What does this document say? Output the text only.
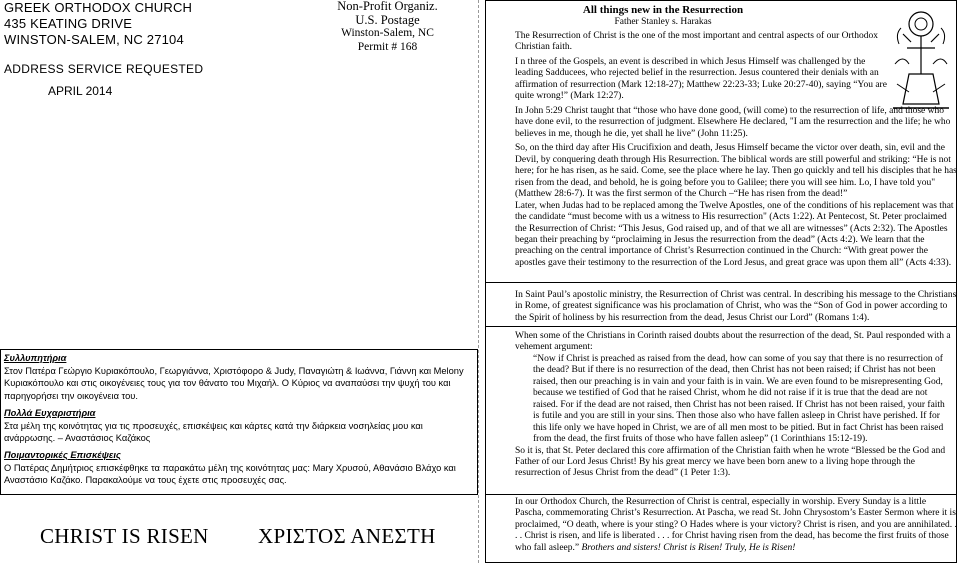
GREEK ORTHODOX CHURCH
435 KEATING DRIVE
WINSTON-SALEM, NC 27104
ADDRESS SERVICE REQUESTED
APRIL 2014
Non-Profit Organiz.
U.S. Postage
Winston-Salem, NC
Permit # 168
Συλλυπητήρια

Στον Πατέρα Γεώργιο Κυριακόπουλο, Γεωργιάννα, Χριστόφορο & Judy, Παναγιώτη & Ιωάννα, Γιάννη και Melony Κυριακόπουλο και στις οικογένειες τους για τον θάνατο του Μιχαήλ. Ο Κύριος να αναπαύσει την ψυχή του και παρηγορήσει την οικογένεια του.

Πολλά Ευχαριστήρια

Στα μέλη της κοινότητας για τις προσευχές, επισκέψεις και κάρτες κατά την διάρκεια νοσηλείας μου και ανάρρωσης. – Αναστάσιος Καζάκος

Ποιμαντορικές Επισκέψεις

Ο Πατέρας Δημήτριος επισκέφθηκε τα παρακάτω μέλη της κοινότητας μας: Mary Χρυσού, Αθανάσιο Βλάχο και Αναστάσιο Καζάκο. Παρακαλούμε να τους έχετε στις προσευχές σας.

CHRIST IS RISEN ΧΡΙΣΤΟΣ ΑΝΕΣΤΗ
All things new in the Resurrection
Father Stanley s. Harakas

The Resurrection of Christ is the one of the most important and central aspects of our Orthodox Christian faith.

I n three of the Gospels, an event is described in which Jesus Himself was challenged by the leading Sadducees, who rejected belief in the resurrection. Jesus countered their denials with an affirmation of resurrection (Mark 12:18-27); Matthew 22:23-33; Luke 20:27-40), saying “You are quite wrong!” (Mark 12:27).

In John 5:29 Christ taught that “those who have done good, (will come) to the resurrection of life, and those who have done evil, to the resurrection of judgment. Elsewhere He declared, "I am the resurrection and the life; he who believes in me, though he die, yet shall he live” (John 11:25).

So, on the third day after His Crucifixion and death, Jesus Himself became the victor over death, sin, evil and the Devil, by conquering death through His Resurrection. The biblical words are still powerful and striking: “He is not here; for he has risen, as he said. Come, see the place where he lay. Then go quickly and tell his disciples that he has risen from the dead, and behold, he is going before you to Galilee; there you will see him. Lo, I have told you" (Matthew 28:6-7). It was the first sermon of the Church –“He has risen from the dead!”

Later, when Judas had to be replaced among the Twelve Apostles, one of the conditions of his replacement was that the candidate “must become with us a witness to His resurrection" (Acts 1:22). At Pentecost, St. Peter proclaimed the Resurrection of Christ: “This Jesus, God raised up, and of that we all are witnesses” (Acts 2:32). The Apostles began their preaching by “proclaiming in Jesus the resurrection from the dead” (Acts 4:2). We learn that the preaching on the central importance of Christ’s Resurrection continued in the Church: “With great power the apostles gave their testimony to the resurrection of the Lord Jesus, and great grace was upon them all” (Acts 4:33).

In Saint Paul’s apostolic ministry, the Resurrection of Christ was central. In describing his message to the Christians in Rome, of greatest significance was his proclamation of Christ, who was the “Son of God in power according to the Spirit of holiness by his resurrection from the dead, Jesus Christ our Lord” (Romans 1:4).

When some of the Christians in Corinth raised doubts about the resurrection of the dead, St. Paul responded with a vehement argument:

“Now if Christ is preached as raised from the dead, how can some of you say that there is no resurrection of the dead? But if there is no resurrection of the dead, then Christ has not been raised; if Christ has not been raised, then our preaching is in vain and your faith is in vain. We are even found to be misrepresenting God, because we testified of God that he raised Christ, whom he did not raise if it is true that the dead are not raised. For if the dead are not raised, then Christ has not been raised. If Christ has not been raised, your faith is futile and you are still in your sins. Then those also who have fallen asleep in Christ have perished. If for this life only we have hoped in Christ, we are of all men most to be pitied. But in fact Christ has been raised from the dead, the first fruits of those who have fallen asleep” (1 Corinthians 15:12-19).

So it is, that St. Peter declared this core affirmation of the Christian faith when he wrote “Blessed be the God and Father of our Lord Jesus Christ! By his great mercy we have been born anew to a living hope through the resurrection of Jesus Christ from the dead” (1 Peter 1:3).

In our Orthodox Church, the Resurrection of Christ is central, especially in worship. Every Sunday is a little Pascha, commemorating Christ’s Resurrection. At Pascha, we read St. John Chrysostom’s Easter Sermon where it is proclaimed, “O death, where is your sting? O Hades where is your victory? Christ is risen, and you are annihilated. . . . Christ is risen, and life is liberated . . . for Christ having risen from the dead, has become the first fruits of those who fall asleep.” Brothers and sisters! Christ is Risen! Truly, He is Risen!
